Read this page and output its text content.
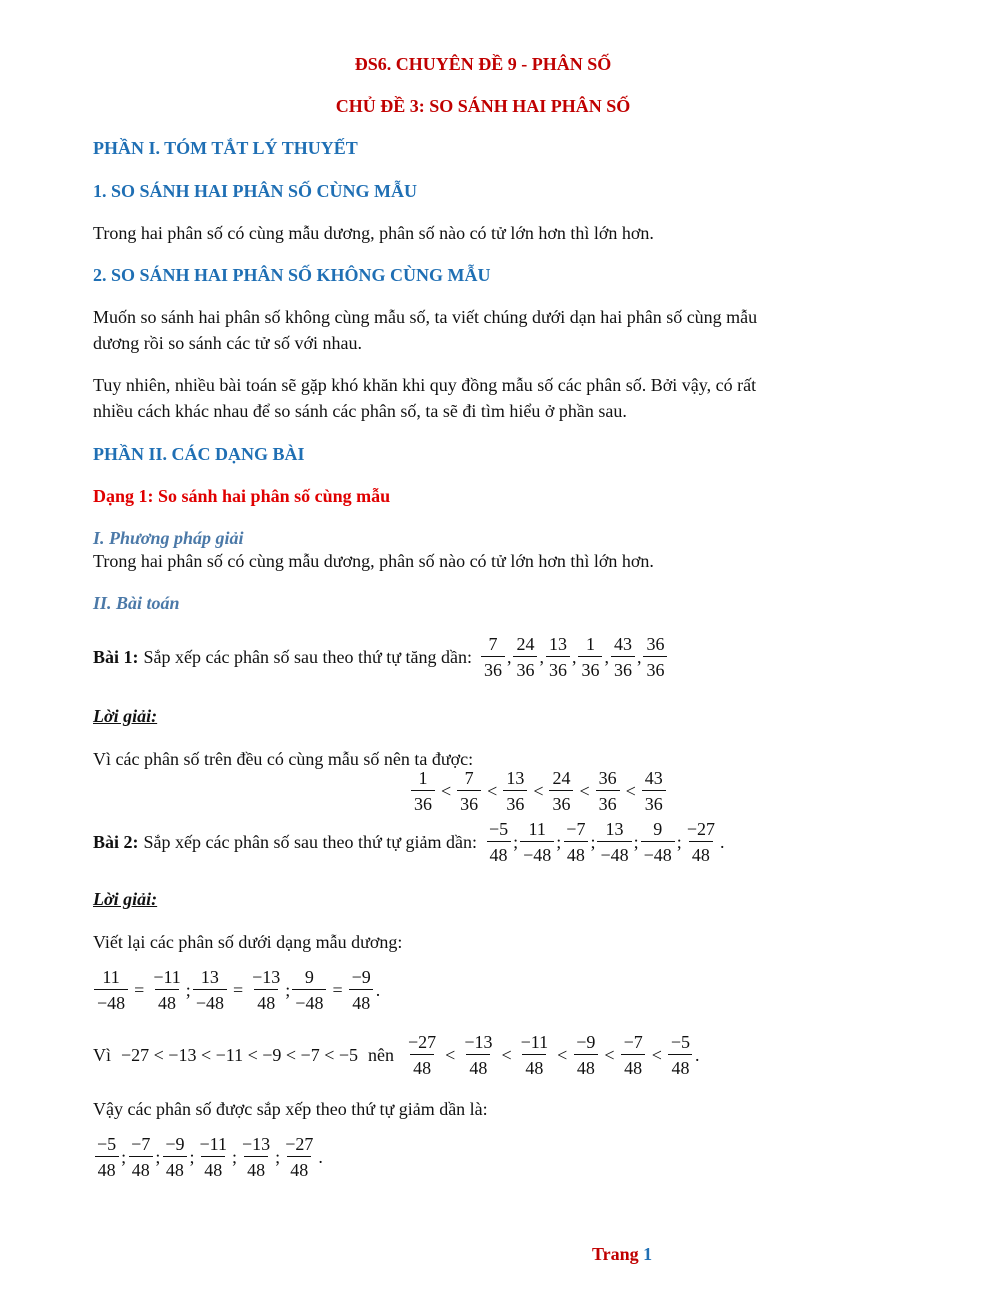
ĐS6. CHUYÊN ĐỀ 9 - PHÂN SỐ
CHỦ ĐỀ 3: SO SÁNH HAI PHÂN SỐ
PHẦN I. TÓM TẮT LÝ THUYẾT
1. SO SÁNH HAI PHÂN SỐ CÙNG MẪU
Trong hai phân số có cùng mẫu dương, phân số nào có tử lớn hơn thì lớn hơn.
2. SO SÁNH HAI PHÂN SỐ KHÔNG CÙNG MẪU
Muốn so sánh hai phân số không cùng mẫu số, ta viết chúng dưới dạn hai phân số cùng mẫu
dương rồi so sánh các tử số với nhau.
Tuy nhiên, nhiều bài toán sẽ gặp khó khăn khi quy đồng mẫu số các phân số. Bởi vậy, có rất
nhiều cách khác nhau để so sánh các phân số, ta sẽ đi tìm hiểu ở phần sau.
PHẦN II. CÁC DẠNG BÀI
Dạng 1: So sánh hai phân số cùng mẫu
I. Phương pháp giải
Trong hai phân số có cùng mẫu dương, phân số nào có tử lớn hơn thì lớn hơn.
II. Bài toán
Bài 1: Sắp xếp các phân số sau theo thứ tự tăng dần: $\frac{7}{36}$ , $\frac{24}{36}$ , $\frac{13}{36}$ , $\frac{1}{36}$ , $\frac{43}{36}$ , $\frac{36}{36}$
Lời giải:
Vì các phân số trên đều có cùng mẫu số nên ta được:
$\frac{1}{36} < \frac{7}{36} < \frac{13}{36} < \frac{24}{36} < \frac{36}{36} < \frac{43}{36}$
Bài 2: Sắp xếp các phân số sau theo thứ tự giảm dần: $\frac{-5}{48}$ ; $\frac{11}{-48}$ ; $\frac{-7}{48}$ ; $\frac{13}{-48}$ ; $\frac{9}{-48}$ ; $\frac{-27}{48}$ .
Lời giải:
Viết lại các phân số dưới dạng mẫu dương:
$\frac{11}{-48} = \frac{-11}{48}$ ; $\frac{13}{-48} = \frac{-13}{48}$ ; $\frac{9}{-48} = \frac{-9}{48}$ .
Vì −27 < −13 < −11 < −9 < −7 < −5 nên $\frac{-27}{48} < \frac{-13}{48} < \frac{-11}{48} < \frac{-9}{48} < \frac{-7}{48} < \frac{-5}{48}$ .
Vậy các phân số được sắp xếp theo thứ tự giảm dần là:
$\frac{-5}{48}$ ; $\frac{-7}{48}$ ; $\frac{-9}{48}$ ; $\frac{-11}{48}$ ; $\frac{-13}{48}$ ; $\frac{-27}{48}$ .
Trang 1
